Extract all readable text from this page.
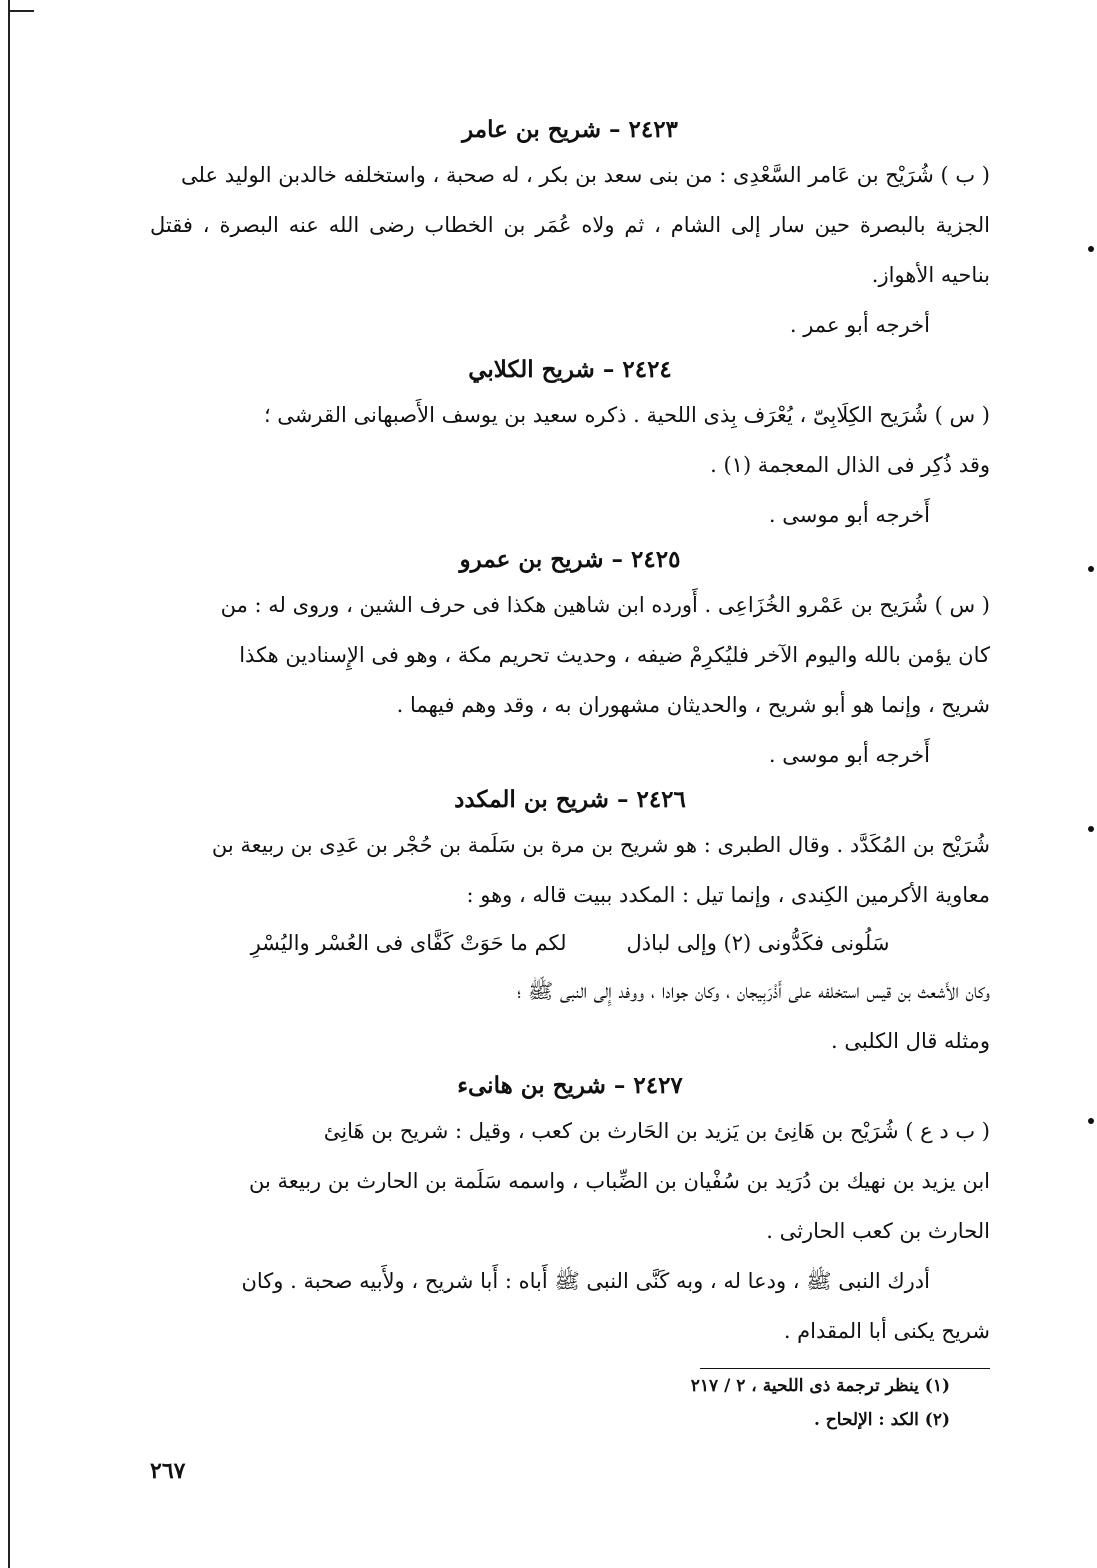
٢٤٢٣ – شريح بن عامر
( ب ) شُرَيْح بن عَامر السَّعْدِى : من بنى سعد بن بكر ، له صحبة ، واستخلفه خالدبن الوليد على
الجزية بالبصرة حين سار إلى الشام ، ثم ولاه عُمَر بن الخطاب رضى الله عنه البصرة ، فقتل بناحيه الأهواز.
أخرجه أبو عمر .
٢٤٢٤ – شريح الكلابي
( س ) شُرَيح الكِلَابِىّ ، يُعْرَف بِذى اللحية . ذكره سعيد بن يوسف الأَصبهانى القرشى ؛
وقد ذُكِر فى الذال المعجمة (١) .
أَخرجه أبو موسى .
٢٤٢٥ – شريح بن عمرو
( س ) شُرَيح بن عَمْرو الخُزَاعِى . أَورده ابن شاهين هكذا فى حرف الشين ، وروى له : من
كان يؤمن بالله واليوم الآخر فليُكرِمْ ضيفه ، وحديث تحريم مكة ، وهو فى الإِسنادين هكذا
شريح ، وإنما هو أبو شريح ، والحديثان مشهوران به ، وقد وهم فيهما .
أَخرجه أبو موسى .
٢٤٢٦ – شريح بن المكدد
شُرَيْح بن المُكَدَّد . وقال الطبرى : هو شريح بن مرة بن سَلَمة بن حُجْر بن عَدِى بن ربيعة بن
معاوية الأكرمين الكِندى ، وإنما تيل : المكدد ببيت قاله ، وهو :
سَلُونى فكَدُّونى (٢) وإلى لباذل
لكم ما حَوَتْ كَفَّاى فى العُسْر واليُسْرِ
وكان الأَشعث بن قيس استخلفه على أَذْرَبِيجان ، وكان جوادا ، ووفد إِلى النبى ﷺ ؛
ومثله قال الكلبى .
٢٤٢٧ – شريح بن هانىء
( ب د ع ) شُرَيْح بن هَانِئ بن يَزيد بن الحَارث بن كعب ، وقيل : شريح بن هَانِئ
ابن يزيد بن نهيك بن دُرَيد بن سُفْيان بن الضِّباب ، واسمه سَلَمة بن الحارث بن ربيعة بن
الحارث بن كعب الحارثى .
أدرك النبى ﷺ ، ودعا له ، وبه كَنَّى النبى ﷺ أَباه : أَبا شريح ، ولأَبيه صحبة . وكان
شريح يكنى أبا المقدام .
(١) ينظر ترجمة ذى اللحية ، ٢ / ٢١٧
(٢) الكد : الإلحاح .
٢٦٧
